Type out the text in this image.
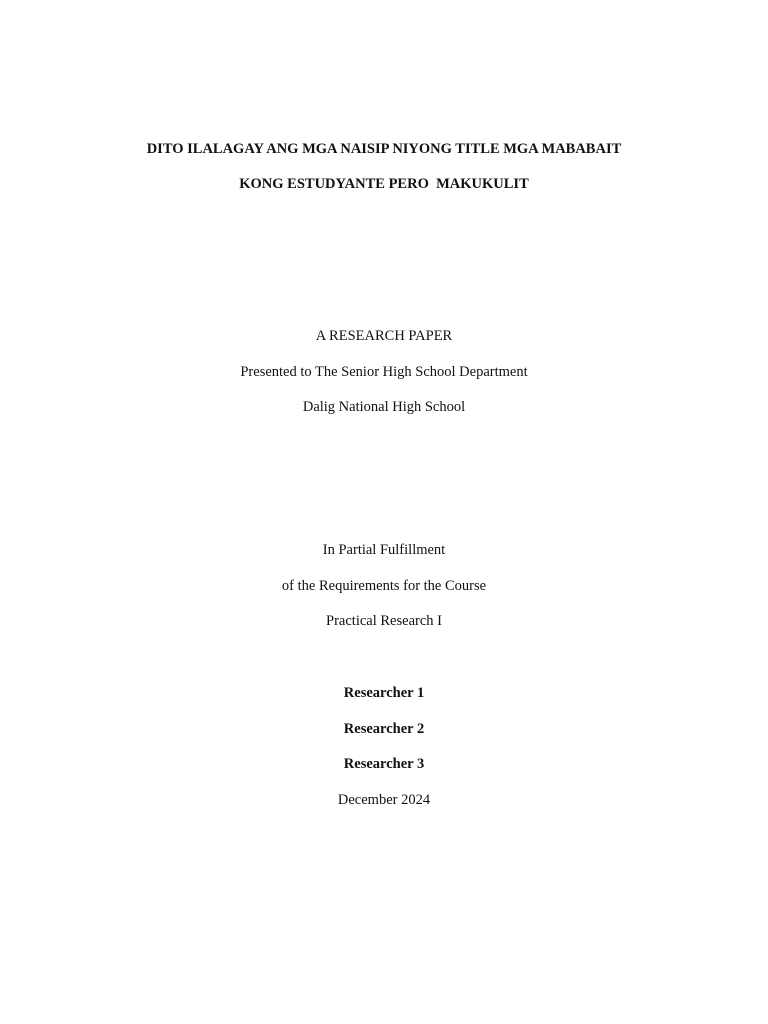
DITO ILALAGAY ANG MGA NAISIP NIYONG TITLE MGA MABABAIT
KONG ESTUDYANTE PERO  MAKUKULIT
A RESEARCH PAPER
Presented to The Senior High School Department
Dalig National High School
In Partial Fulfillment
of the Requirements for the Course
Practical Research I
Researcher 1
Researcher 2
Researcher 3
December 2024
